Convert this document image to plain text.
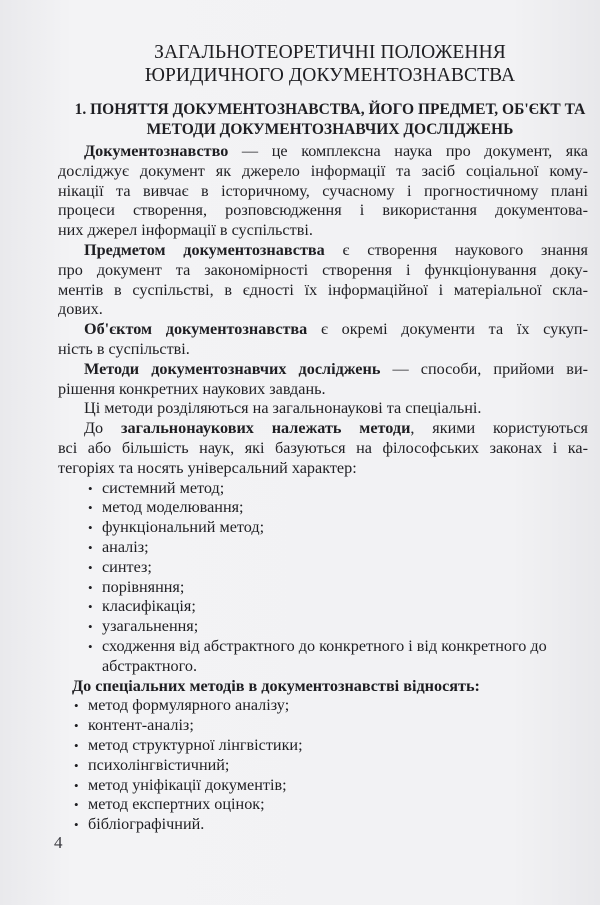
ЗАГАЛЬНОТЕОРЕТИЧНІ ПОЛОЖЕННЯ
ЮРИДИЧНОГО ДОКУМЕНТОЗНАВСТВА
1. ПОНЯТТЯ ДОКУМЕНТОЗНАВСТВА, ЙОГО ПРЕДМЕТ, ОБ'ЄКТ ТА
МЕТОДИ ДОКУМЕНТОЗНАВЧИХ ДОСЛІДЖЕНЬ
Документознавство — це комплексна наука про документ, яка
досліджує документ як джерело інформації та засіб соціальної кому-
нікації та вивчає в історичному, сучасному і прогностичному плані
процеси створення, розповсюдження і використання документова-
них джерел інформації в суспільстві.
Предметом документознавства є створення наукового знання
про документ та закономірності створення і функціонування доку-
ментів в суспільстві, в єдності їх інформаційної і матеріальної скла-
дових.
Об'єктом документознавства є окремі документи та їх сукуп-
ність в суспільстві.
Методи документознавчих досліджень — способи, прийоми ви-
рішення конкретних наукових завдань.
Ці методи розділяються на загальнонаукові та спеціальні.
До загальнонаукових належать методи, якими користуються
всі або більшість наук, які базуються на філософських законах і ка-
тегоріях та носять універсальний характер:
• системний метод;
• метод моделювання;
• функціональний метод;
• аналіз;
• синтез;
• порівняння;
• класифікація;
• узагальнення;
• сходження від абстрактного до конкретного і від конкретного до
абстрактного.
До спеціальних методів в документознавстві відносять:
• метод формулярного аналізу;
• контент-аналіз;
• метод структурної лінгвістики;
• психолінгвістичний;
• метод уніфікації документів;
• метод експертних оцінок;
• бібліографічний.
4
